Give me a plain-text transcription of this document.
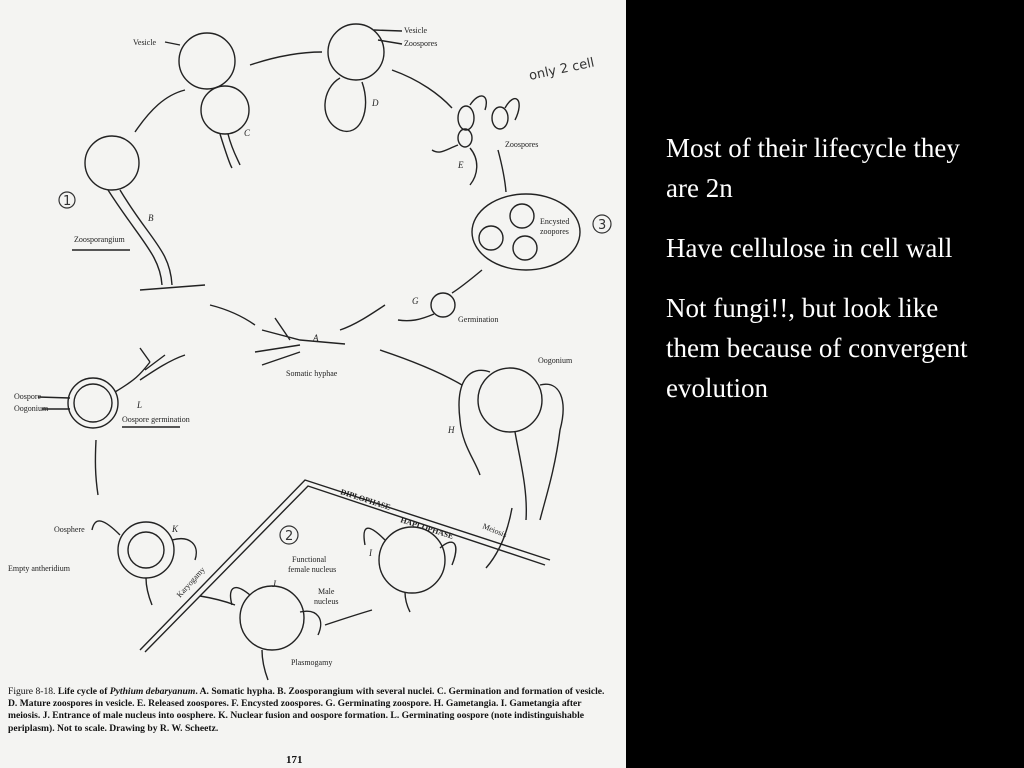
B
C
D
E
G
A
H
L
K
I
J
Vesicle
Vesicle
Zoospores
Zoospores
Encysted
zoopores
Germination
Zoosporangium
Somatic hyphae
Oogonium
Oospore
Oogonium
Oospore germination
Oosphere
Empty antheridium
DIPLOPHASE
HAPLOPHASE	Meiosis
Karyogamy
Functional
female nucleus
Male
nucleus
Plasmogamy
only 2 cell
1
2
3
Figure 8-18. Life cycle of Pythium debaryanum. A. Somatic hypha. B. Zoosporangium with several nuclei. C. Germination and formation of vesicle. D. Mature zoospores in vesicle. E. Released zoospores. F. Encysted zoospores. G. Germinating zoospore. H. Gametangia. I. Gametangia after meiosis. J. Entrance of male nucleus into oosphere. K. Nuclear fusion and oospore formation. L. Germinating oospore (note indistinguishable periplasm). Not to scale. Drawing by R. W. Scheetz.
171

Most of their lifecycle they are 2n

Have cellulose in cell wall

Not fungi!!, but look like them because of convergent evolution
